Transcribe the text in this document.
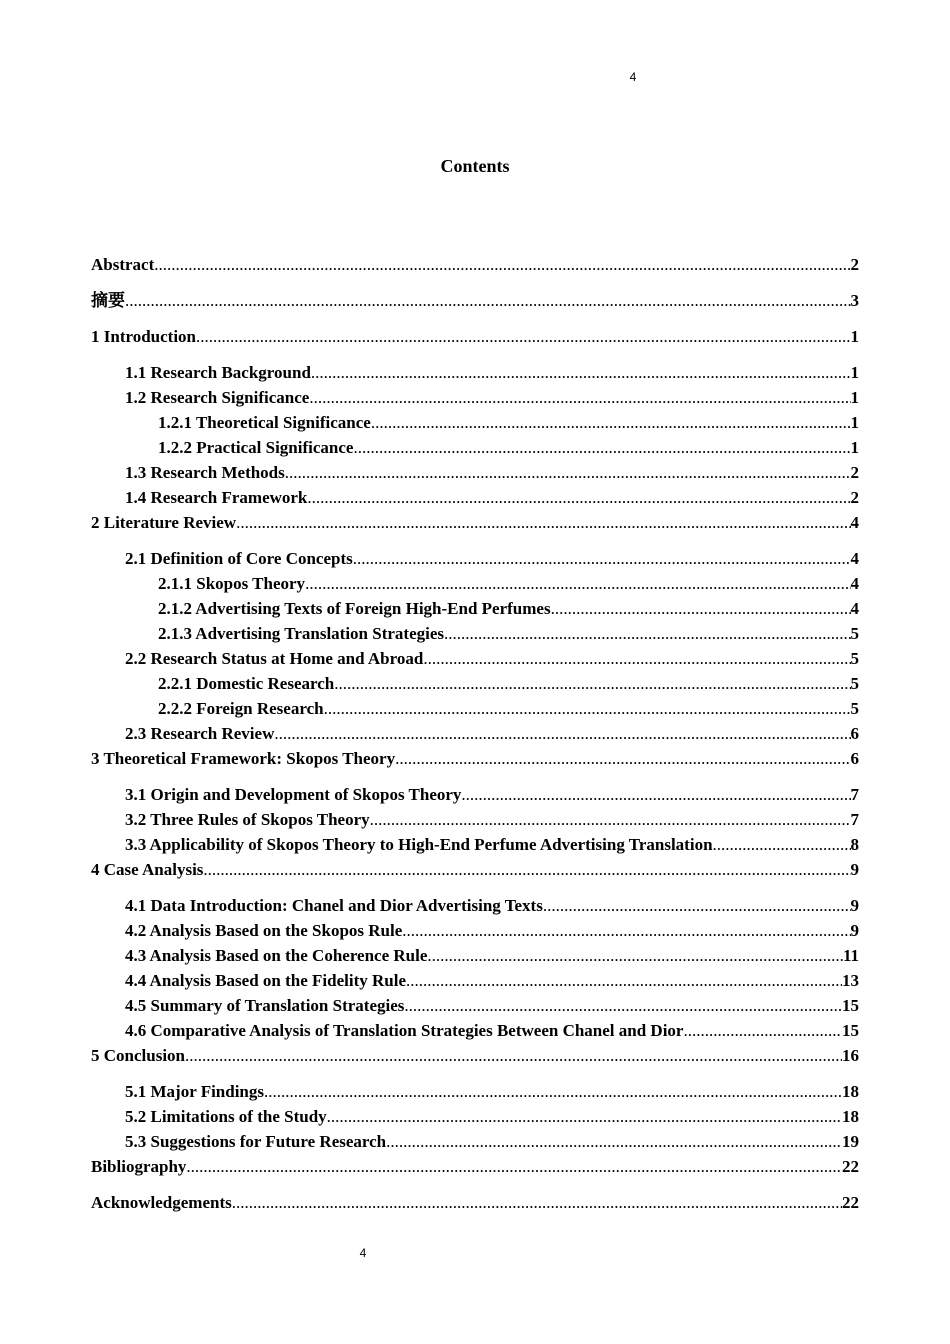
4
Contents
Abstract .....	2
摘要 .....	3
1 Introduction .....	1
1.1 Research Background .....	1
1.2 Research Significance .....	1
1.2.1 Theoretical Significance .....	1
1.2.2 Practical Significance .....	1
1.3 Research Methods .....	2
1.4 Research Framework .....	2
2 Literature Review .....	4
2.1 Definition of Core Concepts .....	4
2.1.1 Skopos Theory .....	4
2.1.2 Advertising Texts of Foreign High-End Perfumes .....	4
2.1.3 Advertising Translation Strategies .....	5
2.2 Research Status at Home and Abroad .....	5
2.2.1 Domestic Research .....	5
2.2.2 Foreign Research .....	5
2.3 Research Review .....	6
3 Theoretical Framework: Skopos Theory .....	6
3.1 Origin and Development of Skopos Theory .....	7
3.2 Three Rules of Skopos Theory .....	7
3.3 Applicability of Skopos Theory to High-End Perfume Advertising Translation .....	8
4 Case Analysis .....	9
4.1 Data Introduction: Chanel and Dior Advertising Texts .....	9
4.2 Analysis Based on the Skopos Rule .....	9
4.3 Analysis Based on the Coherence Rule .....	11
4.4 Analysis Based on the Fidelity Rule .....	13
4.5 Summary of Translation Strategies .....	15
4.6 Comparative Analysis of Translation Strategies Between Chanel and Dior .....	15
5 Conclusion .....	16
5.1 Major Findings .....	18
5.2 Limitations of the Study .....	18
5.3 Suggestions for Future Research .....	19
Bibliography .....	22
Acknowledgements .....	22
4
